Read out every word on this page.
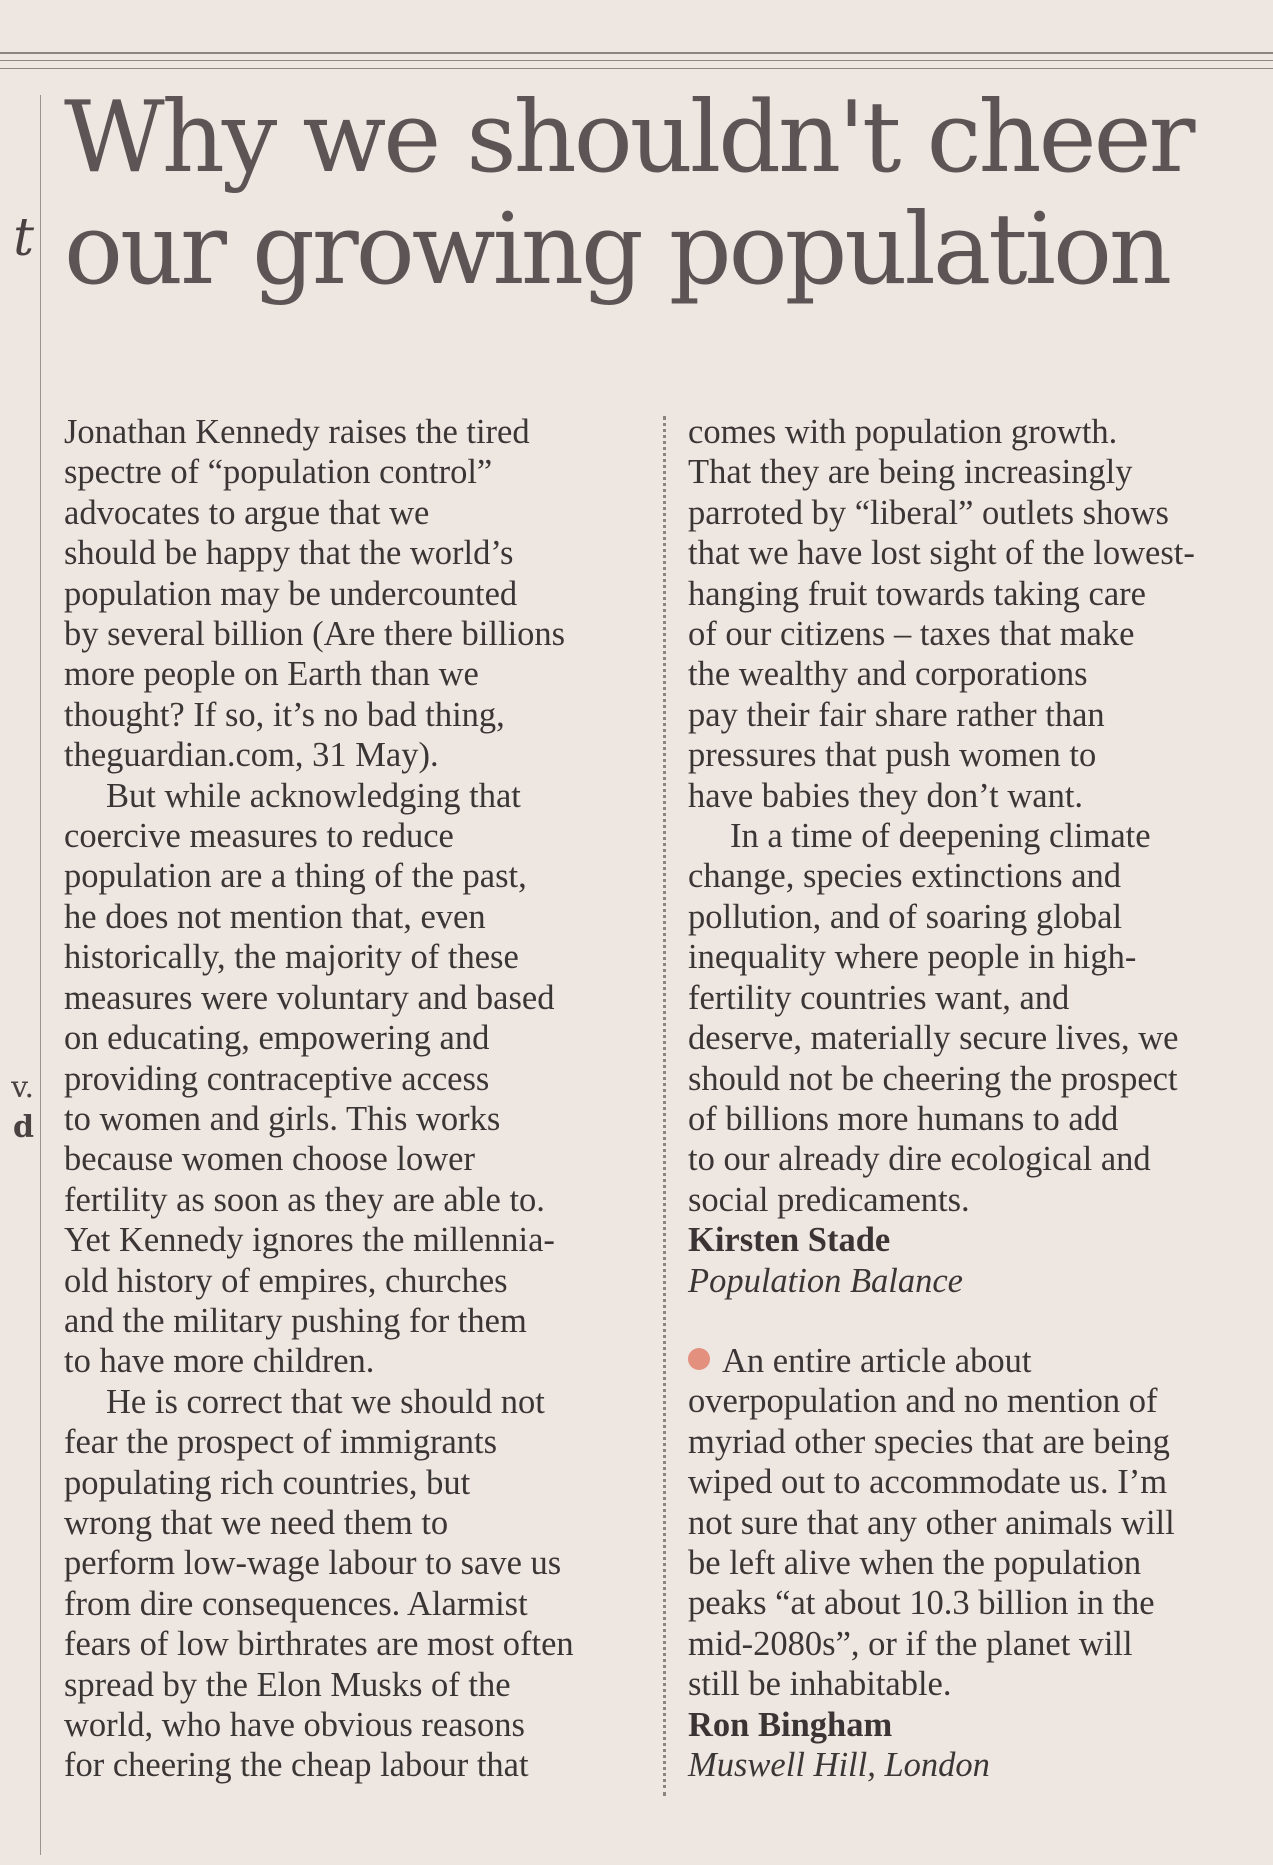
t
v.
d
Why we shouldn't cheer
our growing population
Jonathan Kennedy raises the tired
spectre of “population control”
advocates to argue that we
should be happy that the world’s
population may be undercounted
by several billion (Are there billions
more people on Earth than we
thought? If so, it’s no bad thing,
theguardian.com, 31 May).
But while acknowledging that
coercive measures to reduce
population are a thing of the past,
he does not mention that, even
historically, the majority of these
measures were voluntary and based
on educating, empowering and
providing contraceptive access
to women and girls. This works
because women choose lower
fertility as soon as they are able to.
Yet Kennedy ignores the millennia-
old history of empires, churches
and the military pushing for them
to have more children.
He is correct that we should not
fear the prospect of immigrants
populating rich countries, but
wrong that we need them to
perform low-wage labour to save us
from dire consequences. Alarmist
fears of low birthrates are most often
spread by the Elon Musks of the
world, who have obvious reasons
for cheering the cheap labour that
comes with population growth.
That they are being increasingly
parroted by “liberal” outlets shows
that we have lost sight of the lowest-
hanging fruit towards taking care
of our citizens – taxes that make
the wealthy and corporations
pay their fair share rather than
pressures that push women to
have babies they don’t want.
In a time of deepening climate
change, species extinctions and
pollution, and of soaring global
inequality where people in high-
fertility countries want, and
deserve, materially secure lives, we
should not be cheering the prospect
of billions more humans to add
to our already dire ecological and
social predicaments.
Kirsten Stade
Population Balance
An entire article about
overpopulation and no mention of
myriad other species that are being
wiped out to accommodate us. I’m
not sure that any other animals will
be left alive when the population
peaks “at about 10.3 billion in the
mid-2080s”, or if the planet will
still be inhabitable.
Ron Bingham
Muswell Hill, London
